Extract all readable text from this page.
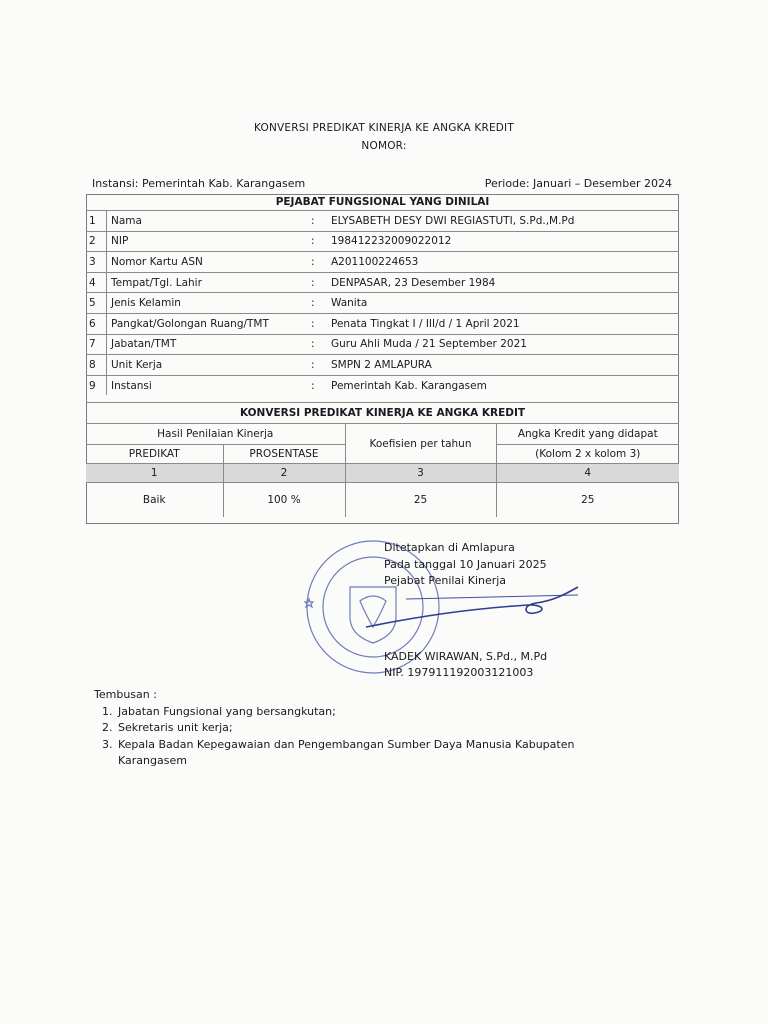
KONVERSI PREDIKAT KINERJA KE ANGKA KREDIT
NOMOR:
Instansi: Pemerintah Kab. Karangasem	Periode: Januari – Desember 2024
PEJABAT FUNGSIONAL YANG DINILAI			
1	Nama	:	ELYSABETH DESY DWI REGIASTUTI, S.Pd.,M.Pd
2	NIP	:	198412232009022012
3	Nomor Kartu ASN	:	A201100224653
4	Tempat/Tgl. Lahir	:	DENPASAR, 23 Desember 1984
5	Jenis Kelamin	:	Wanita
6	Pangkat/Golongan Ruang/TMT	:	Penata Tingkat I / III/d / 1 April 2021
7	Jabatan/TMT	:	Guru Ahli Muda / 21 September 2021
8	Unit Kerja	:	SMPN 2 AMLAPURA
9	Instansi	:	Pemerintah Kab. Karangasem
KONVERSI PREDIKAT KINERJA KE ANGKA KREDIT			
Hasil Penilaian Kinerja		Koefisien per tahun	Angka Kredit yang didapat
PREDIKAT	PROSENTASE		(Kolom 2 x kolom 3)
1	2	3	4
Baik	100 %	25	25
Ditetapkan di Amlapura
Pada tanggal 10 Januari 2025
Pejabat Penilai Kinerja
KADEK WIRAWAN, S.Pd., M.Pd
NIP. 197911192003121003
Tembusan :
1. Jabatan Fungsional yang bersangkutan;
2. Sekretaris unit kerja;
3. Kepala Badan Kepegawaian dan Pengembangan Sumber Daya Manusia Kabupaten Karangasem
